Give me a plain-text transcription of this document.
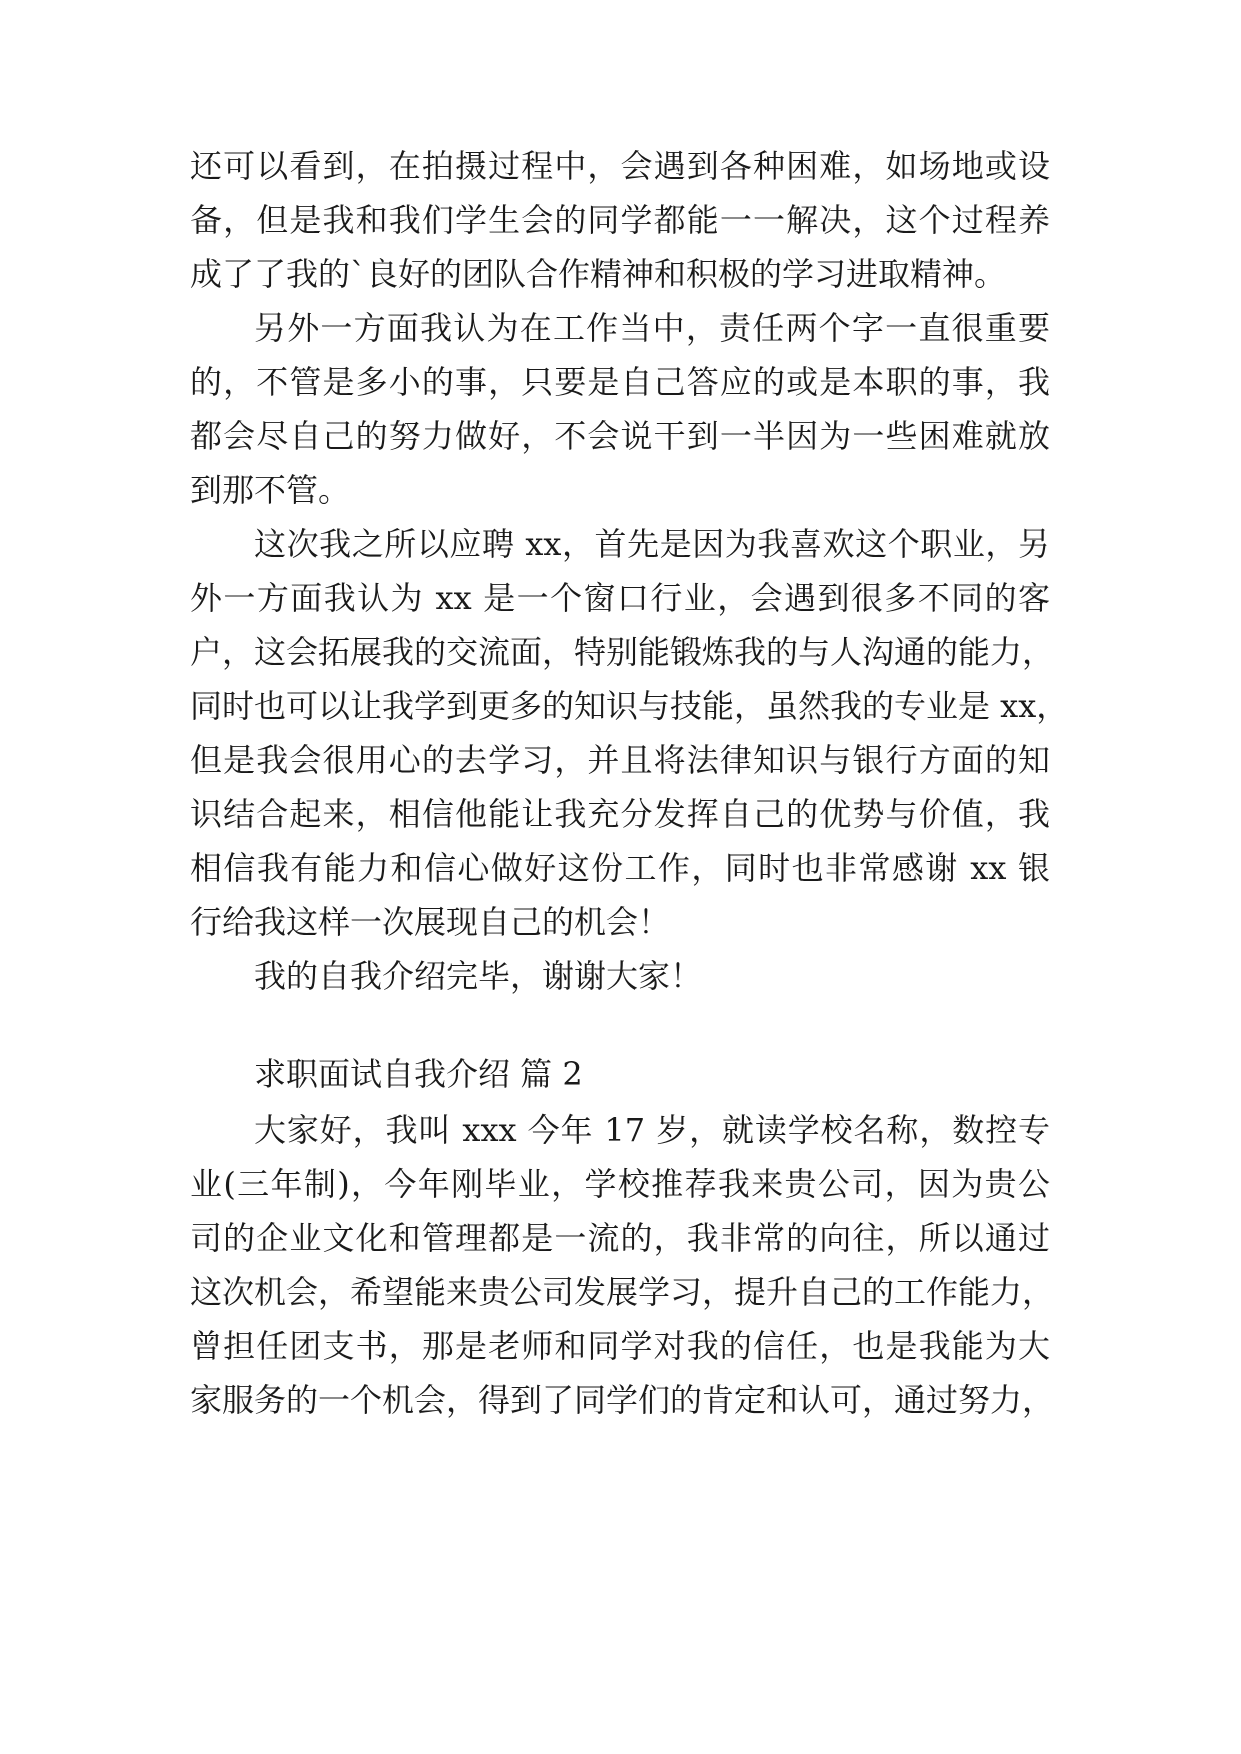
还可以看到，在拍摄过程中，会遇到各种困难，如场地或设
备，但是我和我们学生会的同学都能一一解决，这个过程养
成了了我的`良好的团队合作精神和积极的学习进取精神。
另外一方面我认为在工作当中，责任两个字一直很重要
的，不管是多小的事，只要是自己答应的或是本职的事，我
都会尽自己的努力做好，不会说干到一半因为一些困难就放
到那不管。
这次我之所以应聘 xx，首先是因为我喜欢这个职业，另
外一方面我认为 xx 是一个窗口行业，会遇到很多不同的客
户，这会拓展我的交流面，特别能锻炼我的与人沟通的能力，
同时也可以让我学到更多的知识与技能，虽然我的专业是 xx，
但是我会很用心的去学习，并且将法律知识与银行方面的知
识结合起来，相信他能让我充分发挥自己的优势与价值，我
相信我有能力和信心做好这份工作，同时也非常感谢 xx 银
行给我这样一次展现自己的机会！
我的自我介绍完毕，谢谢大家！
求职面试自我介绍 篇 2
大家好，我叫 xxx 今年 17 岁，就读学校名称，数控专
业(三年制)，今年刚毕业，学校推荐我来贵公司，因为贵公
司的企业文化和管理都是一流的，我非常的向往，所以通过
这次机会，希望能来贵公司发展学习，提升自己的工作能力，
曾担任团支书，那是老师和同学对我的信任，也是我能为大
家服务的一个机会，得到了同学们的肯定和认可，通过努力，
